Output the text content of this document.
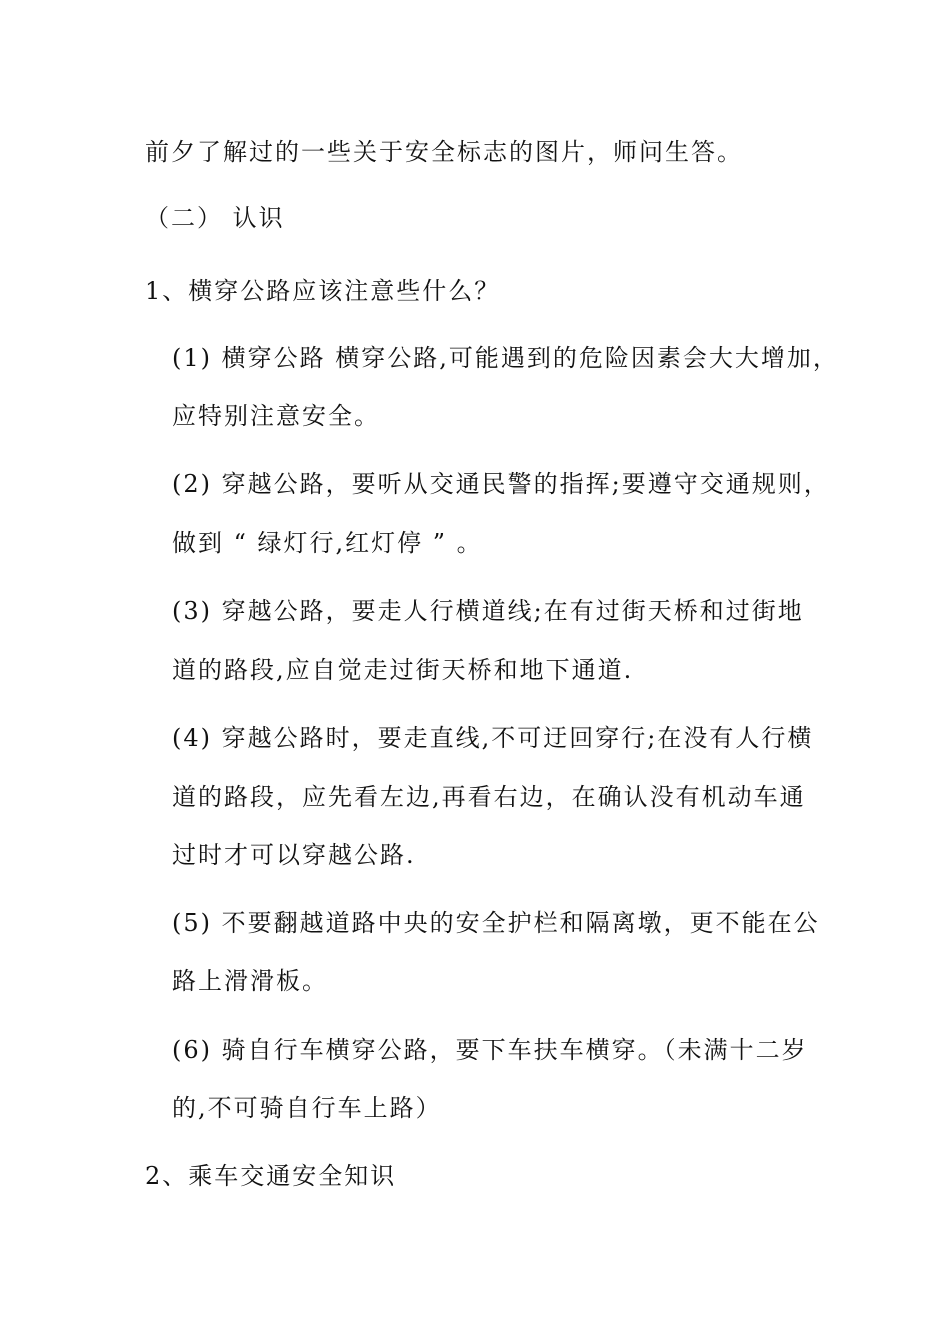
前夕了解过的一些关于安全标志的图片，师问生答。
（二） 认识
1、横穿公路应该注意些什么？
(1) 横穿公路 横穿公路,可能遇到的危险因素会大大增加，
应特别注意安全。
(2) 穿越公路，要听从交通民警的指挥;要遵守交通规则，
做到 “ 绿灯行,红灯停 ” 。
(3) 穿越公路，要走人行横道线;在有过街天桥和过街地
道的路段,应自觉走过街天桥和地下通道.
(4) 穿越公路时，要走直线,不可迂回穿行;在没有人行横
道的路段，应先看左边,再看右边，在确认没有机动车通
过时才可以穿越公路.
(5) 不要翻越道路中央的安全护栏和隔离墩，更不能在公
路上滑滑板。
(6) 骑自行车横穿公路，要下车扶车横穿。（未满十二岁
的,不可骑自行车上路）
2、乘车交通安全知识
